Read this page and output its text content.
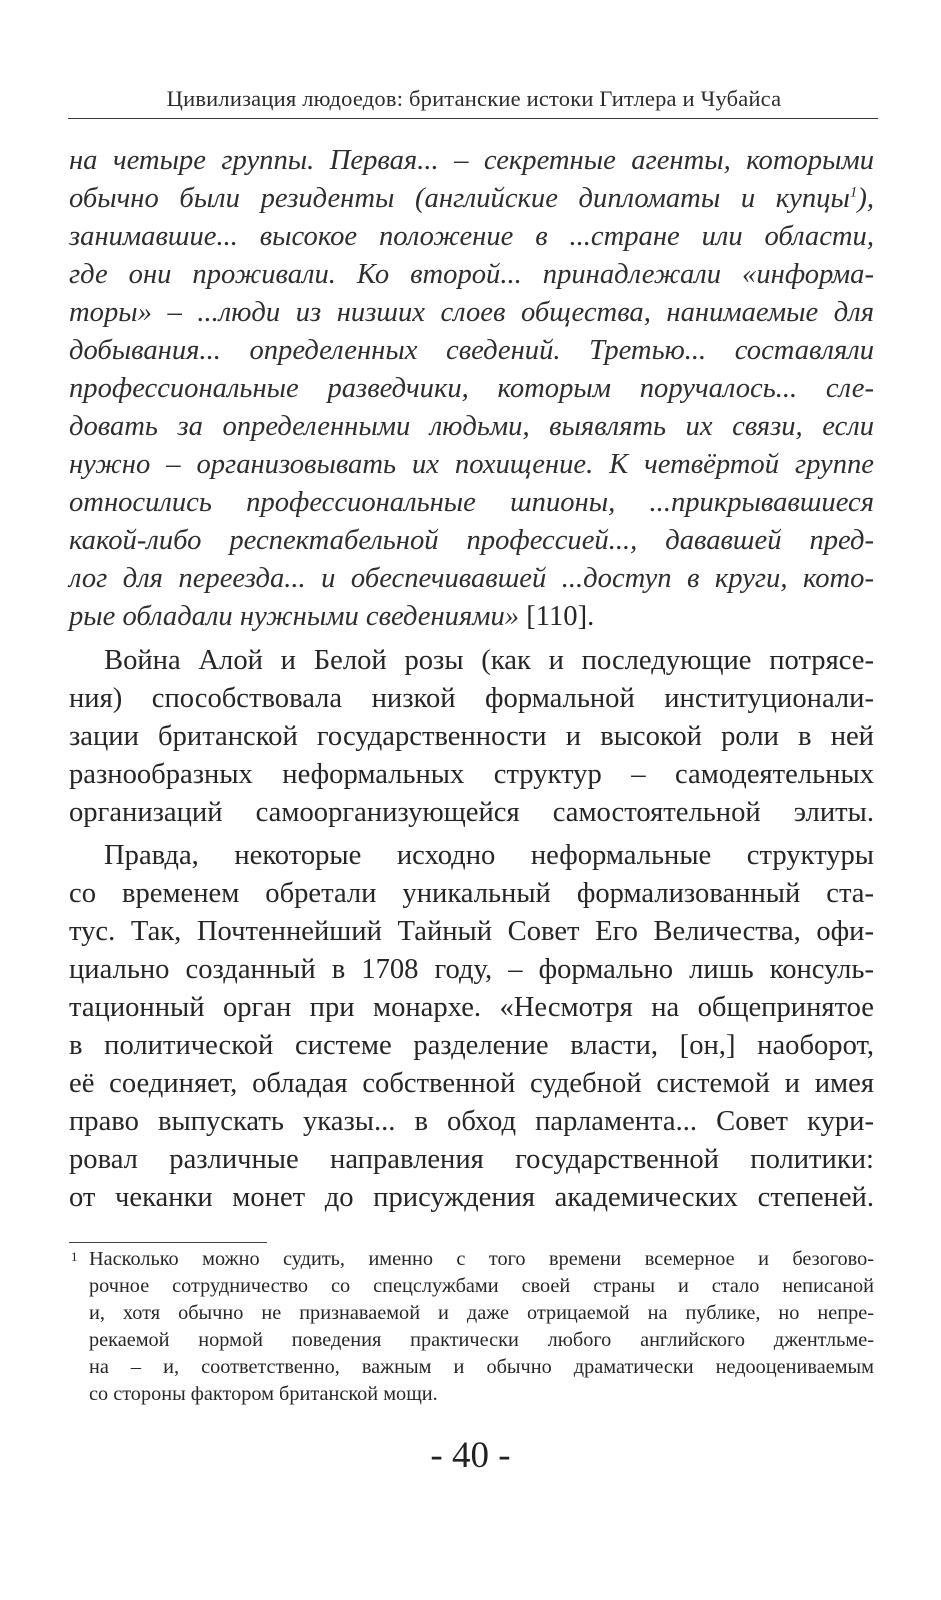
Цивилизация людоедов: британские истоки Гитлера и Чубайса
на четыре группы. Первая... – секретные агенты, которыми
обычно были резиденты (английские дипломаты и купцы$^1$),
занимавшие... высокое положение в ...стране или области,
где они проживали. Ко второй... принадлежали «информа-
торы» – ...люди из низших слоев общества, нанимаемые для
добывания... определенных сведений. Третью... составляли
профессиональные разведчики, которым поручалось... сле-
довать за определенными людьми, выявлять их связи, если
нужно – организовывать их похищение. К четвёртой группе
относились профессиональные шпионы, ...прикрывавшиеся
какой-либо респектабельной профессией..., дававшей пред-
лог для переезда... и обеспечивавшей ...доступ в круги, кото-
рые обладали нужными сведениями» [110].
Война Алой и Белой розы (как и последующие потрясе-
ния) способствовала низкой формальной институционали-
зации британской государственности и высокой роли в ней
разнообразных неформальных структур – самодеятельных
организаций самоорганизующейся самостоятельной элиты.
Правда, некоторые исходно неформальные структуры
со временем обретали уникальный формализованный ста-
тус. Так, Почтеннейший Тайный Совет Его Величества, офи-
циально созданный в 1708 году, – формально лишь консуль-
тационный орган при монархе. «Несмотря на общепринятое
в политической системе разделение власти, [он,] наоборот,
её соединяет, обладая собственной судебной системой и имея
право выпускать указы... в обход парламента... Совет кури-
ровал различные направления государственной политики:
от чеканки монет до присуждения академических степеней.
1 Насколько можно судить, именно с того времени всемерное и безогово-
рочное сотрудничество со спецслужбами своей страны и стало неписаной
и, хотя обычно не признаваемой и даже отрицаемой на публике, но непре-
рекаемой нормой поведения практически любого английского джентльме-
на – и, соответственно, важным и обычно драматически недооцениваемым
со стороны фактором британской мощи.
- 40 -
